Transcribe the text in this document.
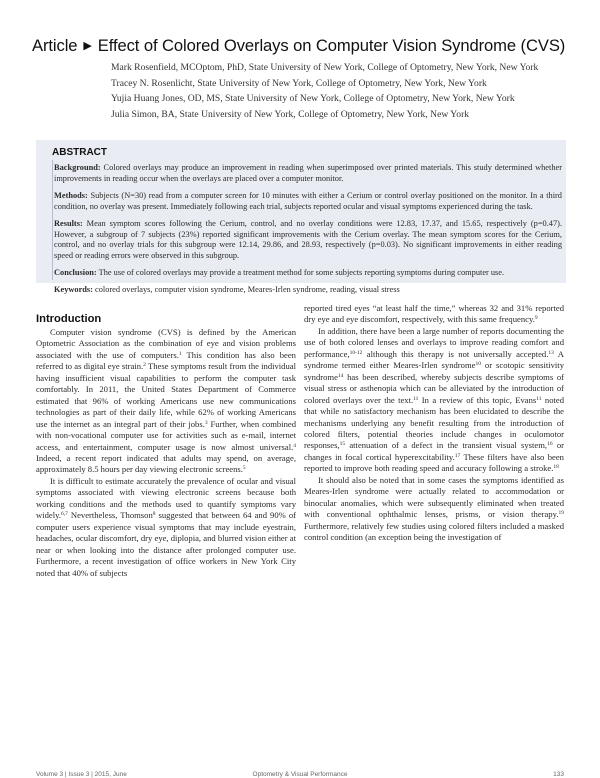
Article ▶ Effect of Colored Overlays on Computer Vision Syndrome (CVS)
Mark Rosenfield, MCOptom, PhD, State University of New York, College of Optometry, New York, New York
Tracey N. Rosenlicht, State University of New York, College of Optometry, New York, New York
Yujia Huang Jones, OD, MS, State University of New York, College of Optometry, New York, New York
Julia Simon, BA, State University of New York, College of Optometry, New York, New York
ABSTRACT

Background: Colored overlays may produce an improvement in reading when superimposed over printed materials. This study determined whether improvements in reading occur when the overlays are placed over a computer monitor.

Methods: Subjects (N=30) read from a computer screen for 10 minutes with either a Cerium or control overlay positioned on the monitor. In a third condition, no overlay was present. Immediately following each trial, subjects reported ocular and visual symptoms experienced during the task.

Results: Mean symptom scores following the Cerium, control, and no overlay conditions were 12.83, 17.37, and 15.65, respectively (p=0.47). However, a subgroup of 7 subjects (23%) reported significant improvements with the Cerium overlay. The mean symptom scores for the Cerium, control, and no overlay trials for this subgroup were 12.14, 29.86, and 28.93, respectively (p=0.03). No significant improvements in either reading speed or reading errors were observed in this subgroup.

Conclusion: The use of colored overlays may provide a treatment method for some subjects reporting symptoms during computer use.

Keywords: colored overlays, computer vision syndrome, Meares-Irlen syndrome, reading, visual stress

Introduction

Computer vision syndrome (CVS) is defined by the American Optometric Association as the combination of eye and vision problems associated with the use of computers.$^1$ This condition has also been referred to as digital eye strain.$^2$ These symptoms result from the individual having insufficient visual capabilities to perform the computer task comfortably. In 2011, the United States Department of Commerce estimated that 96% of working Americans use new communications technologies as part of their daily life, while 62% of working Americans use the internet as an integral part of their jobs.$^3$ Further, when combined with non-vocational computer use for activities such as e-mail, internet access, and entertainment, computer usage is now almost universal.$^4$ Indeed, a recent report indicated that adults may spend, on average, approximately 8.5 hours per day viewing electronic screens.$^5$

It is difficult to estimate accurately the prevalence of ocular and visual symptoms associated with viewing electronic screens because both working conditions and the methods used to quantify symptoms vary widely.$^{6,7}$ Nevertheless, Thomson$^8$ suggested that between 64 and 90% of computer users experience visual symptoms that may include eyestrain, headaches, ocular discomfort, dry eye, diplopia, and blurred vision either at near or when looking into the distance after prolonged computer use. Furthermore, a recent investigation of office workers in New York City noted that 40% of subjects

reported tired eyes “at least half the time,” whereas 32 and 31% reported dry eye and eye discomfort, respectively, with this same frequency.$^9$

In addition, there have been a large number of reports documenting the use of both colored lenses and overlays to improve reading comfort and performance,$^{10-12}$ although this therapy is not universally accepted.$^{13}$ A syndrome termed either Meares-Irlen syndrome$^{10}$ or scotopic sensitivity syndrome$^{14}$ has been described, whereby subjects describe symptoms of visual stress or asthenopia which can be alleviated by the introduction of colored overlays over the text.$^{11}$ In a review of this topic, Evans$^{11}$ noted that while no satisfactory mechanism has been elucidated to describe the mechanisms underlying any benefit resulting from the introduction of colored filters, potential theories include changes in oculomotor responses,$^{15}$ attenuation of a defect in the transient visual system,$^{16}$ or changes in focal cortical hyperexcitability.$^{17}$ These filters have also been reported to improve both reading speed and accuracy following a stroke.$^{18}$

It should also be noted that in some cases the symptoms identified as Meares-Irlen syndrome were actually related to accommodation or binocular anomalies, which were subsequently eliminated when treated with conventional ophthalmic lenses, prisms, or vision therapy.$^{19}$ Furthermore, relatively few studies using colored filters included a masked control condition (an exception being the investigation of

Volume 3 | Issue 3 | 2015, June	Optometry & Visual Performance	133
